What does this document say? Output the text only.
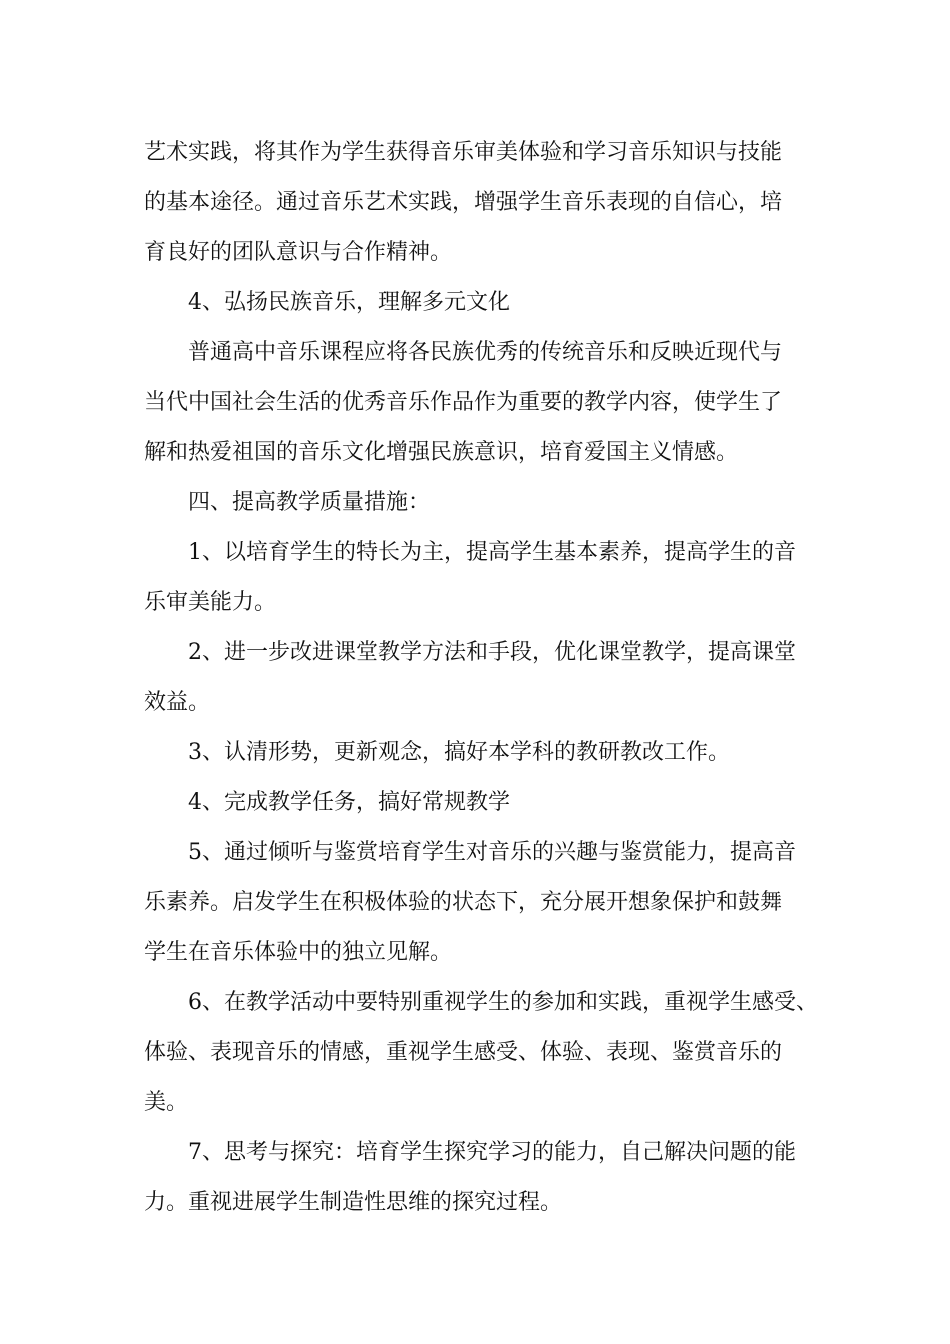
艺术实践，将其作为学生获得音乐审美体验和学习音乐知识与技能
的基本途径。通过音乐艺术实践，增强学生音乐表现的自信心，培
育良好的团队意识与合作精神。
4、弘扬民族音乐，理解多元文化
普通高中音乐课程应将各民族优秀的传统音乐和反映近现代与
当代中国社会生活的优秀音乐作品作为重要的教学内容，使学生了
解和热爱祖国的音乐文化增强民族意识，培育爱国主义情感。
四、提高教学质量措施：
1、以培育学生的特长为主，提高学生基本素养，提高学生的音
乐审美能力。
2、进一步改进课堂教学方法和手段，优化课堂教学，提高课堂
效益。
3、认清形势，更新观念，搞好本学科的教研教改工作。
4、完成教学任务，搞好常规教学
5、通过倾听与鉴赏培育学生对音乐的兴趣与鉴赏能力，提高音
乐素养。启发学生在积极体验的状态下，充分展开想象保护和鼓舞
学生在音乐体验中的独立见解。
6、在教学活动中要特别重视学生的参加和实践，重视学生感受、
体验、表现音乐的情感，重视学生感受、体验、表现、鉴赏音乐的
美。
7、思考与探究：培育学生探究学习的能力，自己解决问题的能
力。重视进展学生制造性思维的探究过程。
